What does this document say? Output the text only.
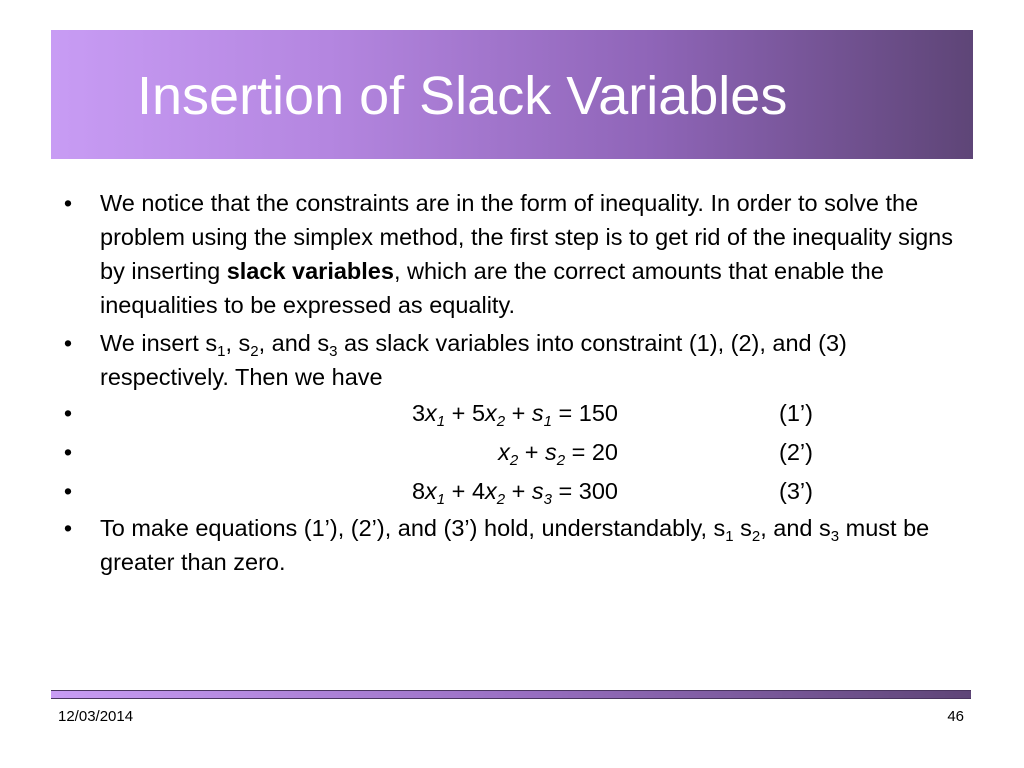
Insertion of Slack Variables
• We notice that the constraints are in the form of inequality. In order to solve the problem using the simplex method, the first step is to get rid of the inequality signs by inserting slack variables, which are the correct amounts that enable the inequalities to be expressed as equality.
• We insert $s_1$, $s_2$, and $s_3$ as slack variables into constraint (1), (2), and (3) respectively. Then we have
•	$3x_1 + 5x_2 + s_1 = 150$	(1’)
•	$x_2 + s_2 = 20$	(2’)
•	$8x_1 + 4x_2 + s_3 = 300$	(3’)
• To make equations (1’), (2’), and (3’) hold, understandably, $s_1$ $s_2$, and $s_3$ must be greater than zero.
12/03/2014	46
